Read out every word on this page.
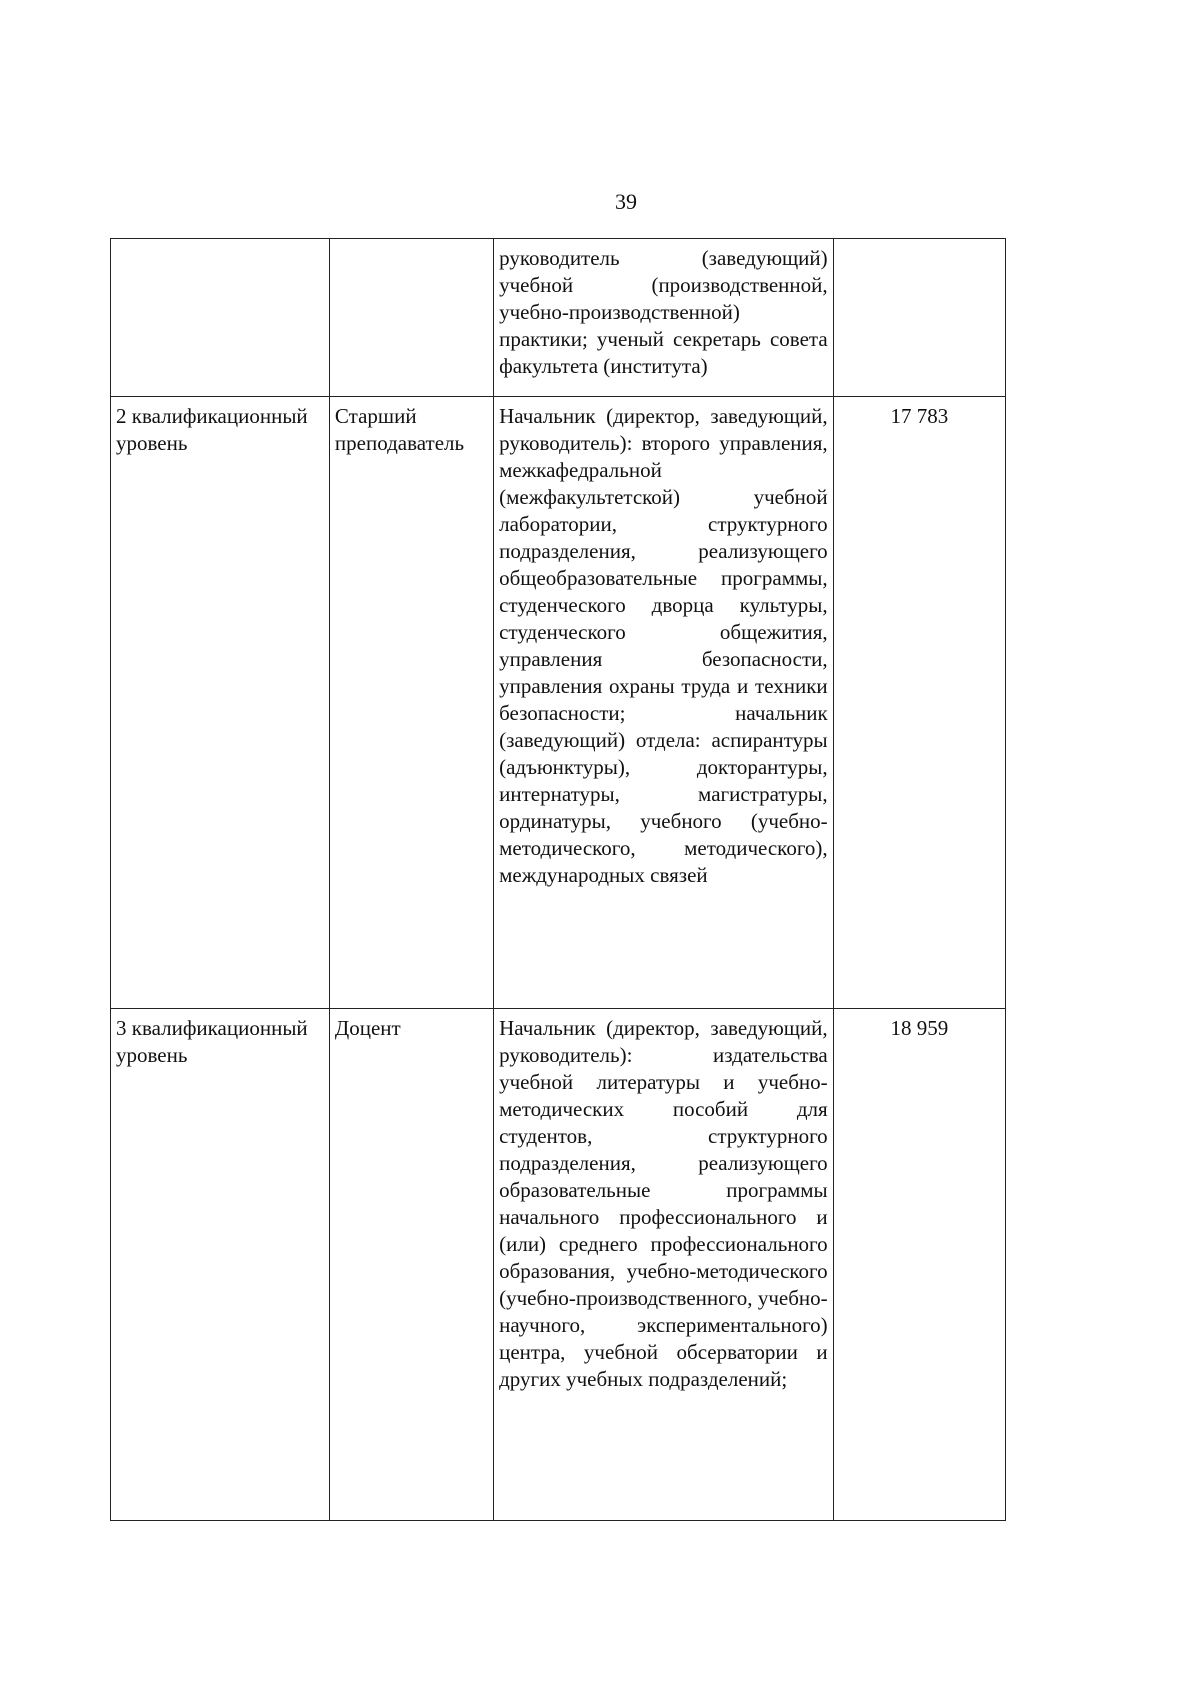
39
		руководитель (заведующий) учебной (производственной, учебно-производственной) практики; ученый секретарь совета факультета (института)	
2 квалификационный уровень	Старший преподаватель	Начальник (директор, заведующий, руководитель): второго управления, межкафедральной (межфакультетской) учебной лаборатории, структурного подразделения, реализующего общеобразовательные программы, студенческого дворца культуры, студенческого общежития, управления безопасности, управления охраны труда и техники безопасности; начальник (заведующий) отдела: аспирантуры (адъюнктуры), докторантуры, интернатуры, магистратуры, ординатуры, учебного (учебно-методического, методического), международных связей	17 783
3 квалификационный уровень	Доцент	Начальник (директор, заведующий, руководитель): издательства учебной литературы и учебно-методических пособий для студентов, структурного подразделения, реализующего образовательные программы начального профессионального и (или) среднего профессионального образования, учебно-методического (учебно-производственного, учебно-научного, экспериментального) центра, учебной обсерватории и других учебных подразделений;	18 959
